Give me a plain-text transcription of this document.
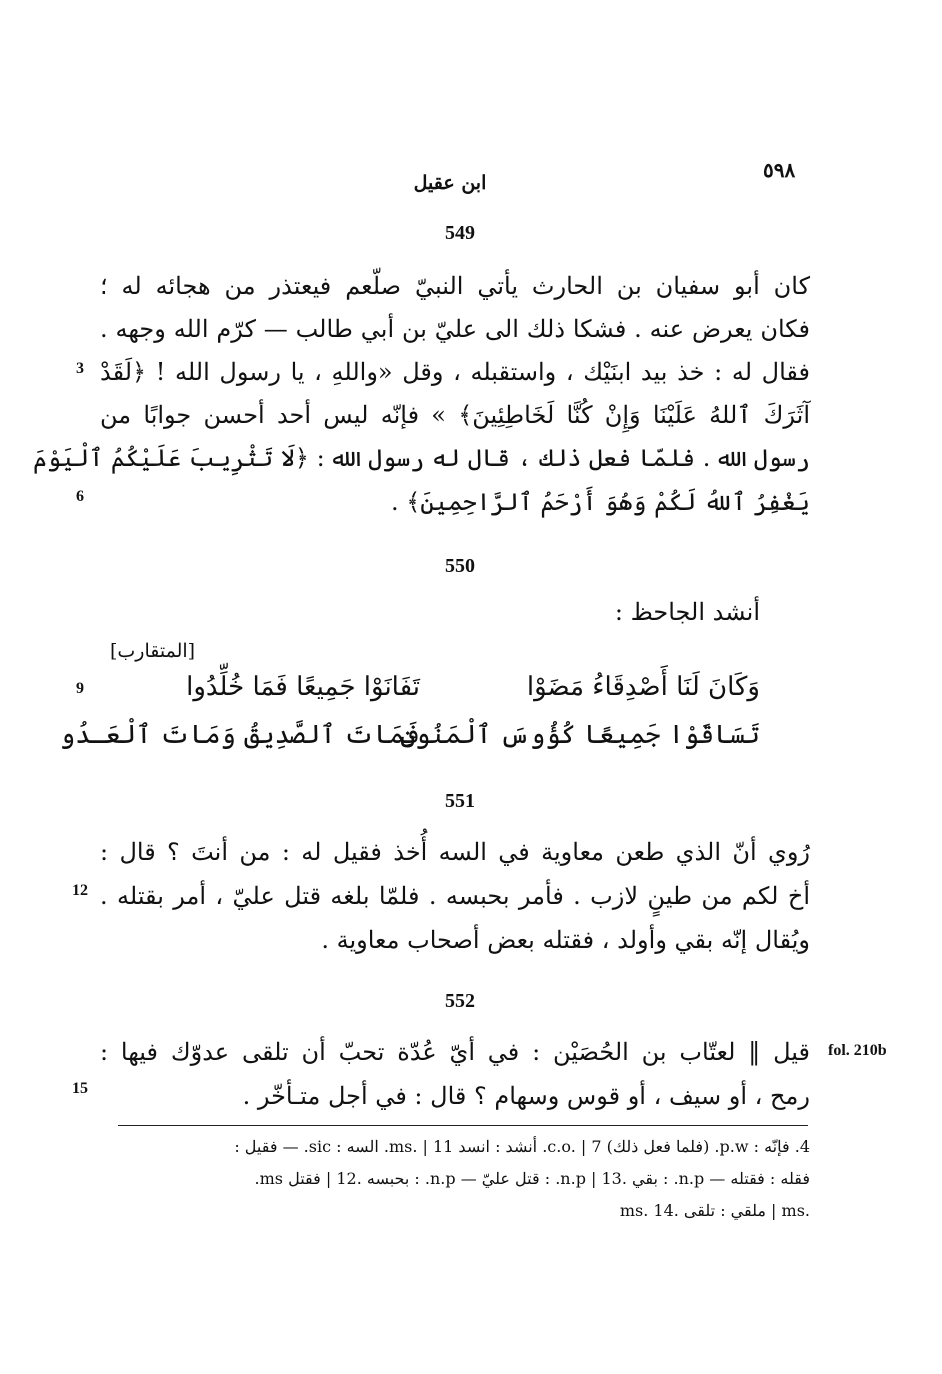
٥٩٨
ابن عقيل
549
كان أبو سفيان بن الحارث يأتي النبيّ صلّعم فيعتذر من هجائه له ؛
فكان يعرض عنه . فشكا ذلك الى عليّ بن أبي طالب — كرّم الله وجهه .
فقال له : خذ بيد ابنَيْك ، واستقبله ، وقل «واللهِ ، يا رسول الله ! ﴿لَقَدْ
آثَرَكَ ٱللهُ عَلَيْنَا وَإِنْ كُنَّا لَخَاطِئِينَ﴾ » فإنّه ليس أحد أحسن جوابًا من
رسول الله . فلمّا فعل ذلك ، قال له رسول الله : ﴿لَا تَثْرِيبَ عَلَيْكُمُ ٱلْيَوْمَ
يَغْفِرُ ٱللهُ لَكُمْ وَهُوَ أَرْحَمُ ٱلرَّاحِمِينَ﴾ .
3
6
550
أنشد الجاحظ :
[المتقارب]
وَكَانَ لَنَا أَصْدِقَاءُ مَضَوْا
تَفَانَوْا جَمِيعًا فَمَا خُلِّدُوا
تَسَاقَوْا جَمِيعًا كُؤُوسَ ٱلْمَنُونِ
فَمَاتَ ٱلصَّدِيقُ وَمَاتَ ٱلْعَـدُو
9
551
رُوي أنّ الذي طعن معاوية في السه أُخذ فقيل له : من أنتَ ؟ قال :
أخ لكم من طينٍ لازب . فأمر بحبسه . فلمّا بلغه قتل عليّ ، أمر بقتله .
ويُقال إنّه بقي وأولد ، فقتله بعض أصحاب معاوية .
12
552
قيل ‖ لعتّاب بن الحُصَيْن : في أيّ عُدّة تحبّ أن تلقى عدوّك فيها :
رمح ، أو سيف ، أو قوس وسهام ؟ قال : في أجل متـأخّر .
15
fol. 210b
4. فإنّه : p.w. (فلما فعل ذلك) c.o. | 7. أنشد : انسد ms. | 11. السه : sic. — فقيل :
فقله : فقتله — n.p. : بقي .13 | n.p. : قتل عليّ — n.p. : بحبسه .12 | فقتل ms.
ms. ملقي : تلقى .14 | ms.
